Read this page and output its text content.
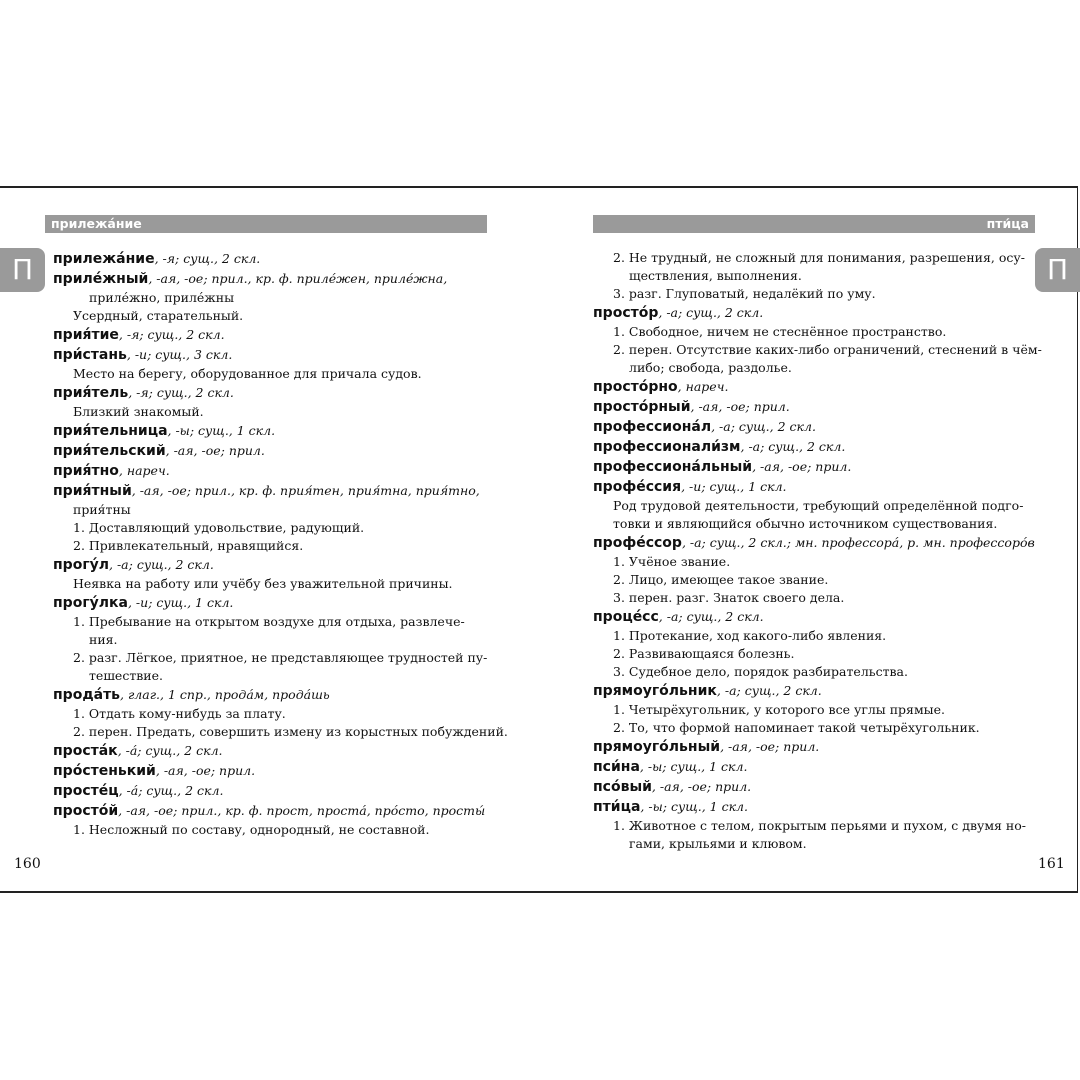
прилежáние	пти́ца
П	П
прилежáние, -я; сущ., 2 скл.
прилéжный, -ая, -ое; прил., кр. ф. прилéжен, прилéжна,
прилéжно, прилéжны
Усердный, старательный.
прия́тие, -я; сущ., 2 скл.
при́стань, -и; сущ., 3 скл.
Место на берегу, оборудованное для причала судов.
прия́тель, -я; сущ., 2 скл.
Близкий знакомый.
прия́тельница, -ы; сущ., 1 скл.
прия́тельский, -ая, -ое; прил.
прия́тно, нареч.
прия́тный, -ая, -ое; прил., кр. ф. прия́тен, прия́тна, прия́тно,
прия́тны
1. Доставляющий удовольствие, радующий.
2. Привлекательный, нравящийся.
прогу́л, -а; сущ., 2 скл.
Неявка на работу или учёбу без уважительной причины.
прогу́лка, -и; сущ., 1 скл.
1. Пребывание на открытом воздухе для отдыха, развлече-
ния.
2. разг. Лёгкое, приятное, не представляющее трудностей пу-
тешествие.
продáть, глаг., 1 спр., продáм, продáшь
1. Отдать кому-нибудь за плату.
2. перен. Предать, совершить измену из корыстных побуждений.
простáк, -á; сущ., 2 скл.
прóстенький, -ая, -ое; прил.
простéц, -á; сущ., 2 скл.
простóй, -ая, -ое; прил., кр. ф. прост, простá, прóсто, просты́
1. Несложный по составу, однородный, не составной.
2. Не трудный, не сложный для понимания, разрешения, осу-
ществления, выполнения.
3. разг. Глуповатый, недалёкий по уму.
простóр, -а; сущ., 2 скл.
1. Свободное, ничем не стеснённое пространство.
2. перен. Отсутствие каких-либо ограничений, стеснений в чём-
либо; свобода, раздолье.
простóрно, нареч.
простóрный, -ая, -ое; прил.
профессионáл, -а; сущ., 2 скл.
профессионали́зм, -а; сущ., 2 скл.
профессионáльный, -ая, -ое; прил.
профéссия, -и; сущ., 1 скл.
Род трудовой деятельности, требующий определённой подго-
товки и являющийся обычно источником существования.
профéссор, -а; сущ., 2 скл.; мн. профессорá, р. мн. профессорóв
1. Учёное звание.
2. Лицо, имеющее такое звание.
3. перен. разг. Знаток своего дела.
процéсс, -а; сущ., 2 скл.
1. Протекание, ход какого-либо явления.
2. Развивающаяся болезнь.
3. Судебное дело, порядок разбирательства.
прямоугóльник, -а; сущ., 2 скл.
1. Четырёхугольник, у которого все углы прямые.
2. То, что формой напоминает такой четырёхугольник.
прямоугóльный, -ая, -ое; прил.
пси́на, -ы; сущ., 1 скл.
псóвый, -ая, -ое; прил.
пти́ца, -ы; сущ., 1 скл.
1. Животное с телом, покрытым перьями и пухом, с двумя но-
гами, крыльями и клювом.
160	161
